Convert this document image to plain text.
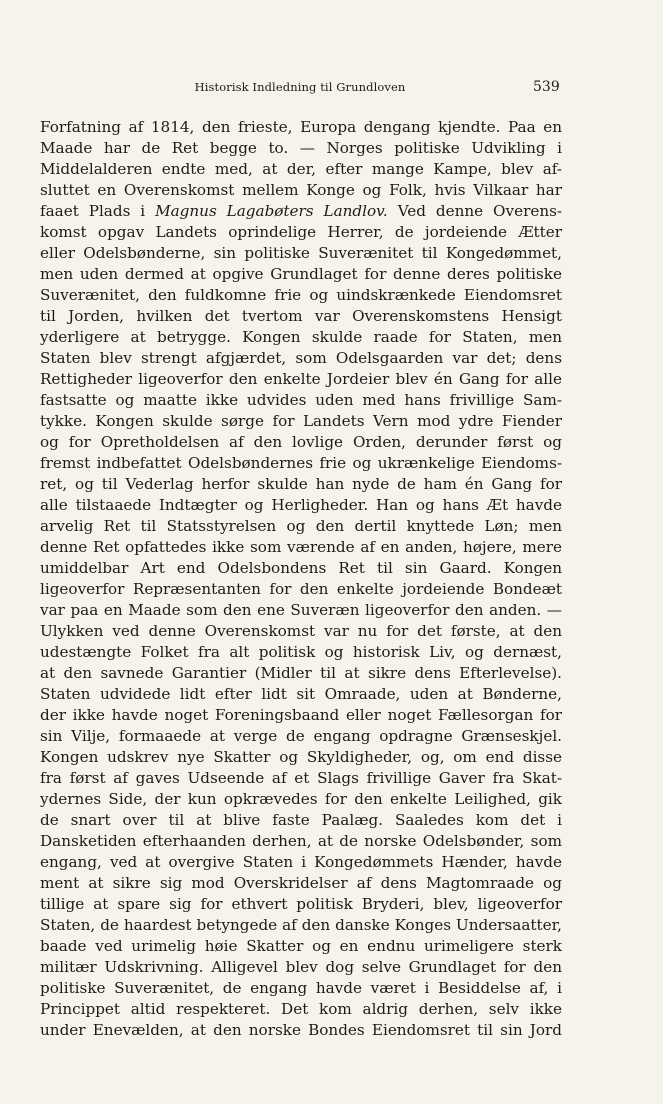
Historisk Indledning til Grundloven	539
Forfatning af 1814, den frieste, Europa dengang kjendte. Paa en
Maade har de Ret begge to. — Norges politiske Udvikling i
Middelalderen endte med, at der, efter mange Kampe, blev af-
sluttet en Overenskomst mellem Konge og Folk, hvis Vilkaar har
faaet Plads i Magnus Lagabøters Landlov. Ved denne Overens-
komst opgav Landets oprindelige Herrer, de jordeiende Ætter
eller Odelsbønderne, sin politiske Suverænitet til Kongedømmet,
men uden dermed at opgive Grundlaget for denne deres politiske
Suverænitet, den fuldkomne frie og uindskrænkede Eiendomsret
til Jorden, hvilken det tvertom var Overenskomstens Hensigt
yderligere at betrygge. Kongen skulde raade for Staten, men
Staten blev strengt afgjærdet, som Odelsgaarden var det; dens
Rettigheder ligeoverfor den enkelte Jordeier blev én Gang for alle
fastsatte og maatte ikke udvides uden med hans frivillige Sam-
tykke. Kongen skulde sørge for Landets Vern mod ydre Fiender
og for Opretholdelsen af den lovlige Orden, derunder først og
fremst indbefattet Odelsbøndernes frie og ukrænkelige Eiendoms-
ret, og til Vederlag herfor skulde han nyde de ham én Gang for
alle tilstaaede Indtægter og Herligheder. Han og hans Æt havde
arvelig Ret til Statsstyrelsen og den dertil knyttede Løn; men
denne Ret opfattedes ikke som værende af en anden, højere, mere
umiddelbar Art end Odelsbondens Ret til sin Gaard. Kongen
ligeoverfor Repræsentanten for den enkelte jordeiende Bondeæt
var paa en Maade som den ene Suveræn ligeoverfor den anden. —
Ulykken ved denne Overenskomst var nu for det første, at den
udestængte Folket fra alt politisk og historisk Liv, og dernæst,
at den savnede Garantier (Midler til at sikre dens Efterlevelse).
Staten udvidede lidt efter lidt sit Omraade, uden at Bønderne,
der ikke havde noget Foreningsbaand eller noget Fællesorgan for
sin Vilje, formaaede at verge de engang opdragne Grænseskjel.
Kongen udskrev nye Skatter og Skyldigheder, og, om end disse
fra først af gaves Udseende af et Slags frivillige Gaver fra Skat-
ydernes Side, der kun opkrævedes for den enkelte Leilighed, gik
de snart over til at blive faste Paalæg. Saaledes kom det i
Dansketiden efterhaanden derhen, at de norske Odelsbønder, som
engang, ved at overgive Staten i Kongedømmets Hænder, havde
ment at sikre sig mod Overskridelser af dens Magtomraade og
tillige at spare sig for ethvert politisk Bryderi, blev, ligeoverfor
Staten, de haardest betyngede af den danske Konges Undersaatter,
baade ved urimelig høie Skatter og en endnu urimeligere sterk
militær Udskrivning. Alligevel blev dog selve Grundlaget for den
politiske Suverænitet, de engang havde været i Besiddelse af, i
Princippet altid respekteret. Det kom aldrig derhen, selv ikke
under Enevælden, at den norske Bondes Eiendomsret til sin Jord
